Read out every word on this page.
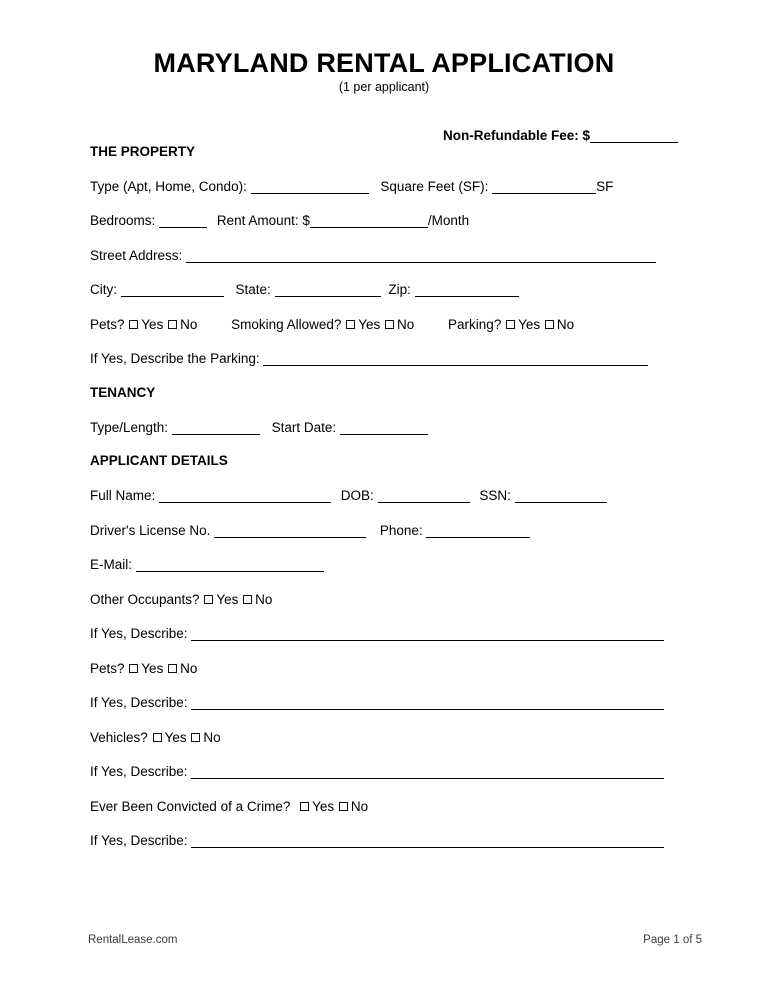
MARYLAND RENTAL APPLICATION
(1 per applicant)
Non-Refundable Fee: $
THE PROPERTY
Type (Apt, Home, Condo):	Square Feet (SF):	SF
Bedrooms:	Rent Amount: $	/Month
Street Address:
City:	State:	Zip:
Pets? Yes No	Smoking Allowed? Yes No	Parking? Yes No
If Yes, Describe the Parking:
TENANCY
Type/Length:	Start Date:
APPLICANT DETAILS
Full Name:	DOB:	SSN:
Driver's License No.	Phone:
E-Mail:
Other Occupants? Yes No
If Yes, Describe:
Pets? Yes No
If Yes, Describe:
Vehicles? Yes No
If Yes, Describe:
Ever Been Convicted of a Crime? Yes No
If Yes, Describe:
RentalLease.com	Page 1 of 5
